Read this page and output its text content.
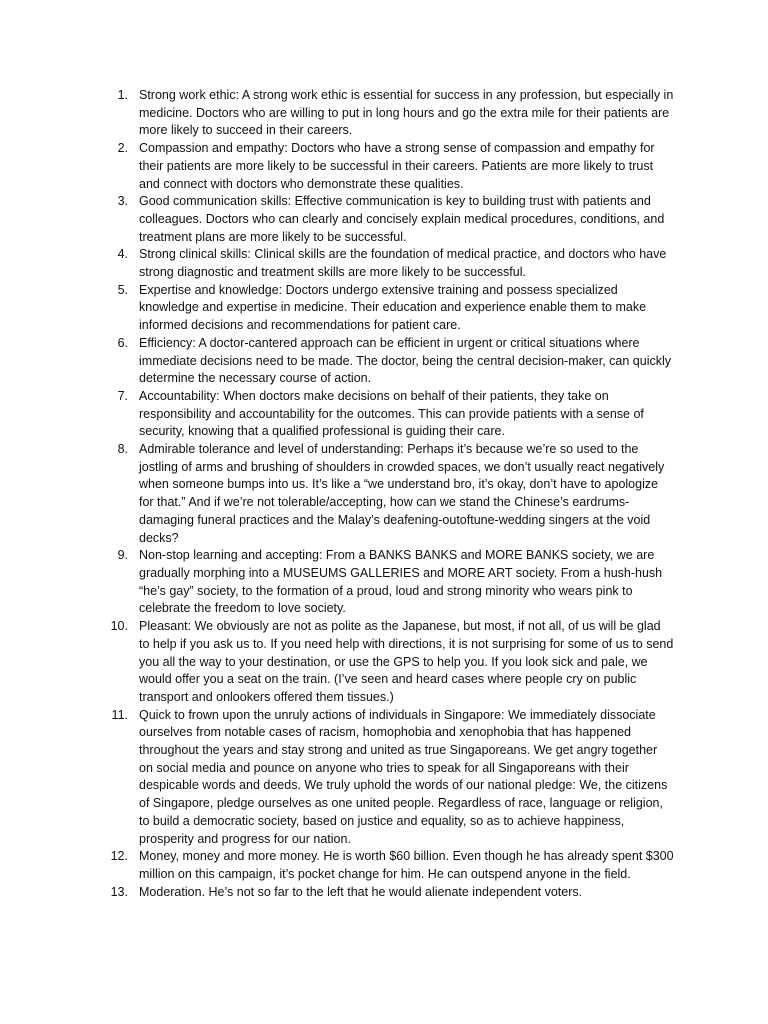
1. Strong work ethic: A strong work ethic is essential for success in any profession, but especially in medicine. Doctors who are willing to put in long hours and go the extra mile for their patients are more likely to succeed in their careers.
2. Compassion and empathy: Doctors who have a strong sense of compassion and empathy for their patients are more likely to be successful in their careers. Patients are more likely to trust and connect with doctors who demonstrate these qualities.
3. Good communication skills: Effective communication is key to building trust with patients and colleagues. Doctors who can clearly and concisely explain medical procedures, conditions, and treatment plans are more likely to be successful.
4. Strong clinical skills: Clinical skills are the foundation of medical practice, and doctors who have strong diagnostic and treatment skills are more likely to be successful.
5. Expertise and knowledge: Doctors undergo extensive training and possess specialized knowledge and expertise in medicine. Their education and experience enable them to make informed decisions and recommendations for patient care.
6. Efficiency: A doctor-cantered approach can be efficient in urgent or critical situations where immediate decisions need to be made. The doctor, being the central decision-maker, can quickly determine the necessary course of action.
7. Accountability: When doctors make decisions on behalf of their patients, they take on responsibility and accountability for the outcomes. This can provide patients with a sense of security, knowing that a qualified professional is guiding their care.
8. Admirable tolerance and level of understanding: Perhaps it’s because we’re so used to the jostling of arms and brushing of shoulders in crowded spaces, we don’t usually react negatively when someone bumps into us. It’s like a “we understand bro, it’s okay, don’t have to apologize for that.” And if we’re not tolerable/accepting, how can we stand the Chinese’s eardrums-damaging funeral practices and the Malay’s deafening-outoftune-wedding singers at the void decks?
9. Non-stop learning and accepting: From a BANKS BANKS and MORE BANKS society, we are gradually morphing into a MUSEUMS GALLERIES and MORE ART society. From a hush-hush “he’s gay” society, to the formation of a proud, loud and strong minority who wears pink to celebrate the freedom to love society.
10. Pleasant: We obviously are not as polite as the Japanese, but most, if not all, of us will be glad to help if you ask us to. If you need help with directions, it is not surprising for some of us to send you all the way to your destination, or use the GPS to help you. If you look sick and pale, we would offer you a seat on the train. (I’ve seen and heard cases where people cry on public transport and onlookers offered them tissues.)
11. Quick to frown upon the unruly actions of individuals in Singapore: We immediately dissociate ourselves from notable cases of racism, homophobia and xenophobia that has happened throughout the years and stay strong and united as true Singaporeans. We get angry together on social media and pounce on anyone who tries to speak for all Singaporeans with their despicable words and deeds. We truly uphold the words of our national pledge: We, the citizens of Singapore, pledge ourselves as one united people. Regardless of race, language or religion, to build a democratic society, based on justice and equality, so as to achieve happiness, prosperity and progress for our nation.
12. Money, money and more money. He is worth $60 billion. Even though he has already spent $300 million on this campaign, it’s pocket change for him. He can outspend anyone in the field.
13. Moderation. He’s not so far to the left that he would alienate independent voters.
